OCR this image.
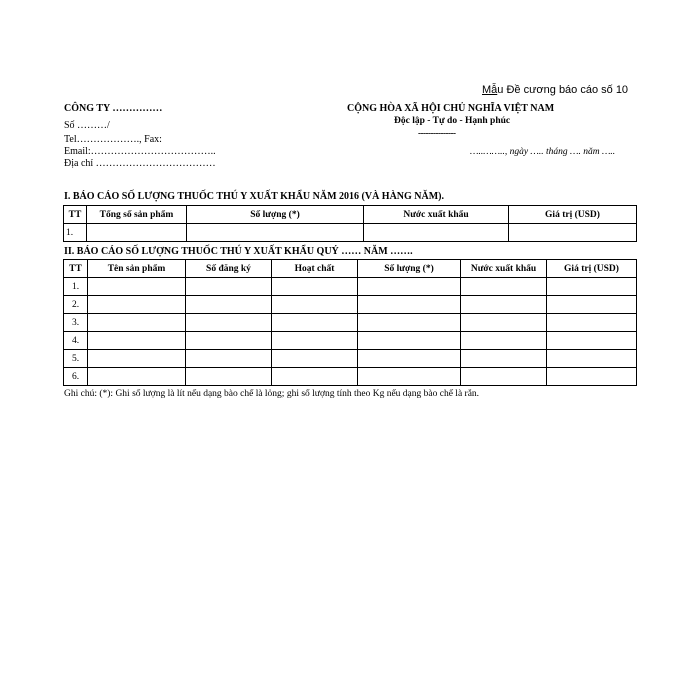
Mẫu Đề cương báo cáo số 10
CÔNG TY ……………
Số ………/
Tel………………., Fax:
Email:………………………………..
Địa chỉ ………………………………
CỘNG HÒA XÃ HỘI CHỦ NGHĨA VIỆT NAM
Độc lập - Tự do - Hạnh phúc
---------------
…..…….., ngày ….. tháng …. năm …..
I. BÁO CÁO SỐ LƯỢNG THUỐC THÚ Y XUẤT KHẨU NĂM 2016 (VÀ HÀNG NĂM).
TT	Tổng số sản phẩm	Số lượng (*)	Nước xuất khẩu	Giá trị (USD)
1.				
II. BÁO CÁO SỐ LƯỢNG THUỐC THÚ Y XUẤT KHẨU QUÝ …… NĂM …….
TT	Tên sản phẩm	Số đăng ký	Hoạt chất	Số lượng (*)	Nước xuất khẩu	Giá trị (USD)
1.						
2.						
3.						
4.						
5.						
6.						
Ghi chú: (*): Ghi số lượng là lít nếu dạng bào chế là lỏng; ghi số lượng tính theo Kg nếu dạng bào chế là rắn.
